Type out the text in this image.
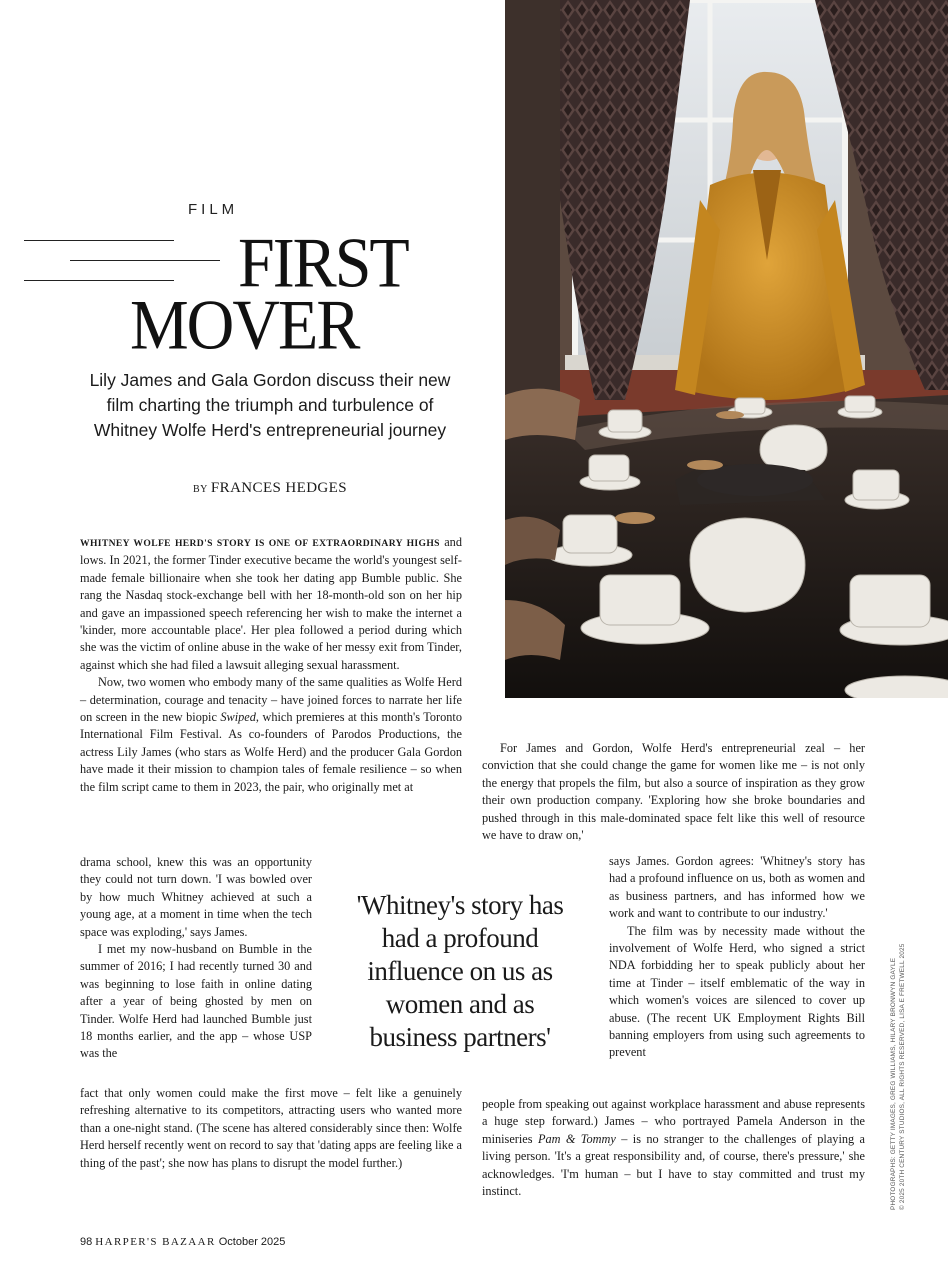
FILM
FIRST
MOVER
Lily James and Gala Gordon discuss their new film charting the triumph and turbulence of Whitney Wolfe Herd's entrepreneurial journey
BY FRANCES HEDGES

WHITNEY WOLFE HERD'S STORY IS ONE OF EXTRAORDINARY HIGHS and lows. In 2021, the former Tinder executive became the world's youngest self-made female billionaire when she took her dating app Bumble public. She rang the Nasdaq stock-exchange bell with her 18-month-old son on her hip and gave an impassioned speech referencing her wish to make the internet a 'kinder, more accountable place'. Her plea followed a period during which she was the victim of online abuse in the wake of her messy exit from Tinder, against which she had filed a lawsuit alleging sexual harassment.

Now, two women who embody many of the same qualities as Wolfe Herd – determination, courage and tenacity – have joined forces to narrate her life on screen in the new biopic Swiped, which premieres at this month's Toronto International Film Festival. As co-founders of Parodos Productions, the actress Lily James (who stars as Wolfe Herd) and the producer Gala Gordon have made it their mission to champion tales of female resilience – so when the film script came to them in 2023, the pair, who originally met at

drama school, knew this was an opportunity they could not turn down. 'I was bowled over by how much Whitney achieved at such a young age, at a moment in time when the tech space was exploding,' says James.

I met my now-husband on Bumble in the summer of 2016; I had recently turned 30 and was beginning to lose faith in online dating after a year of being ghosted by men on Tinder. Wolfe Herd had launched Bumble just 18 months earlier, and the app – whose USP was the

fact that only women could make the first move – felt like a genuinely refreshing alternative to its competitors, attracting users who wanted more than a one-night stand. (The scene has altered considerably since then: Wolfe Herd herself recently went on record to say that 'dating apps are feeling like a thing of the past'; she now has plans to disrupt the model further.)

'Whitney's story has had a profound influence on us as women and as business partners'

For James and Gordon, Wolfe Herd's entrepreneurial zeal – her conviction that she could change the game for women like me – is not only the energy that propels the film, but also a source of inspiration as they grow their own production company. 'Exploring how she broke boundaries and pushed through in this male-dominated space felt like this well of resource we have to draw on,'

says James. Gordon agrees: 'Whitney's story has had a profound influence on us, both as women and as business partners, and has informed how we work and want to contribute to our industry.'

The film was by necessity made without the involvement of Wolfe Herd, who signed a strict NDA forbidding her to speak publicly about her time at Tinder – itself emblematic of the way in which women's voices are silenced to cover up abuse. (The recent UK Employment Rights Bill banning employers from using such agreements to prevent

people from speaking out against workplace harassment and abuse represents a huge step forward.) James – who portrayed Pamela Anderson in the miniseries Pam & Tommy – is no stranger to the challenges of playing a living person. 'It's a great responsibility and, of course, there's pressure,' she acknowledges. 'I'm human – but I have to stay committed and trust my instinct.	PHOTOGRAPHS: GETTY IMAGES, GREG WILLIAMS, HILARY BRONWYN GAYLE © 2025 20TH CENTURY STUDIOS, ALL RIGHTS RESERVED, LISA E FRETWELL 2025
98 HARPER'S BAZAAR October 2025
